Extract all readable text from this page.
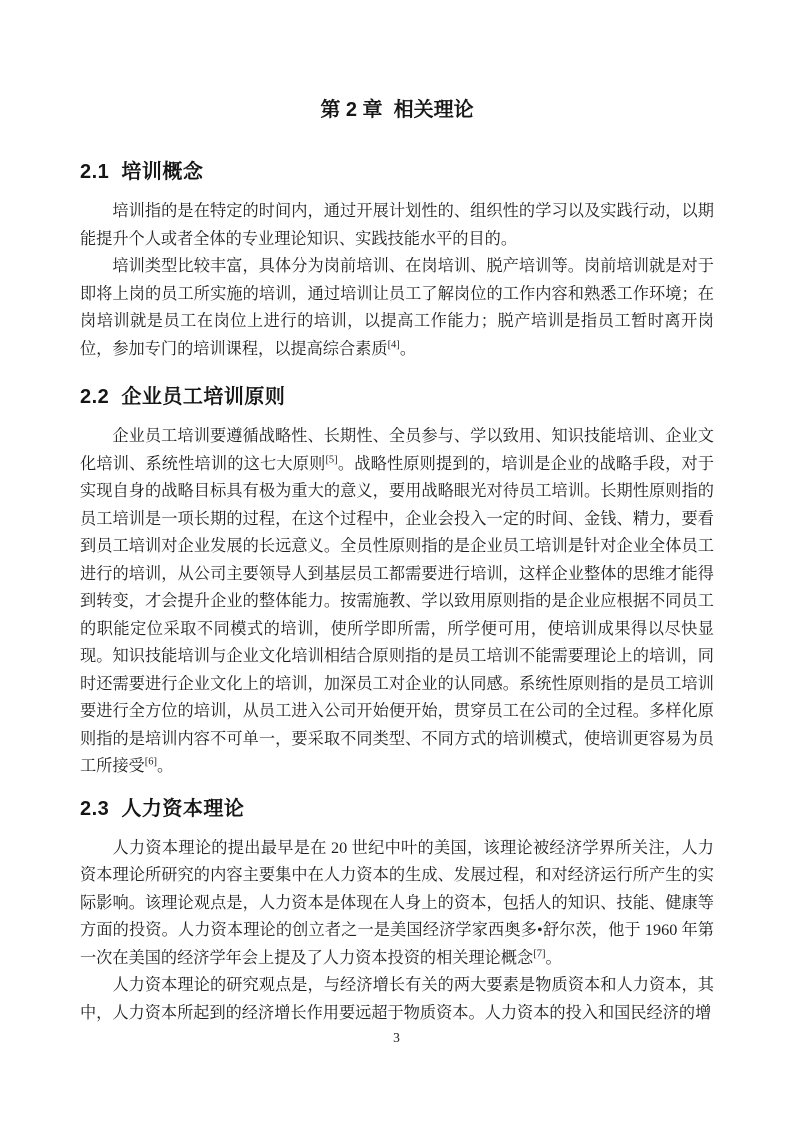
第 2 章  相关理论
2.1  培训概念

培训指的是在特定的时间内，通过开展计划性的、组织性的学习以及实践行动，以期能提升个人或者全体的专业理论知识、实践技能水平的目的。

培训类型比较丰富，具体分为岗前培训、在岗培训、脱产培训等。岗前培训就是对于即将上岗的员工所实施的培训，通过培训让员工了解岗位的工作内容和熟悉工作环境；在岗培训就是员工在岗位上进行的培训，以提高工作能力；脱产培训是指员工暂时离开岗位，参加专门的培训课程，以提高综合素质[4]。

2.2  企业员工培训原则

企业员工培训要遵循战略性、长期性、全员参与、学以致用、知识技能培训、企业文化培训、系统性培训的这七大原则[5]。战略性原则提到的，培训是企业的战略手段，对于实现自身的战略目标具有极为重大的意义，要用战略眼光对待员工培训。长期性原则指的员工培训是一项长期的过程，在这个过程中，企业会投入一定的时间、金钱、精力，要看到员工培训对企业发展的长远意义。全员性原则指的是企业员工培训是针对企业全体员工进行的培训，从公司主要领导人到基层员工都需要进行培训，这样企业整体的思维才能得到转变，才会提升企业的整体能力。按需施教、学以致用原则指的是企业应根据不同员工的职能定位采取不同模式的培训，使所学即所需，所学便可用，使培训成果得以尽快显现。知识技能培训与企业文化培训相结合原则指的是员工培训不能需要理论上的培训，同时还需要进行企业文化上的培训，加深员工对企业的认同感。系统性原则指的是员工培训要进行全方位的培训，从员工进入公司开始便开始，贯穿员工在公司的全过程。多样化原则指的是培训内容不可单一，要采取不同类型、不同方式的培训模式，使培训更容易为员工所接受[6]。

2.3  人力资本理论

人力资本理论的提出最早是在 20 世纪中叶的美国，该理论被经济学界所关注，人力资本理论所研究的内容主要集中在人力资本的生成、发展过程，和对经济运行所产生的实际影响。该理论观点是，人力资本是体现在人身上的资本，包括人的知识、技能、健康等方面的投资。人力资本理论的创立者之一是美国经济学家西奥多•舒尔茨，他于 1960 年第一次在美国的经济学年会上提及了人力资本投资的相关理论概念[7]。

人力资本理论的研究观点是，与经济增长有关的两大要素是物质资本和人力资本，其中，人力资本所起到的经济增长作用要远超于物质资本。人力资本的投入和国民经济的增

3
